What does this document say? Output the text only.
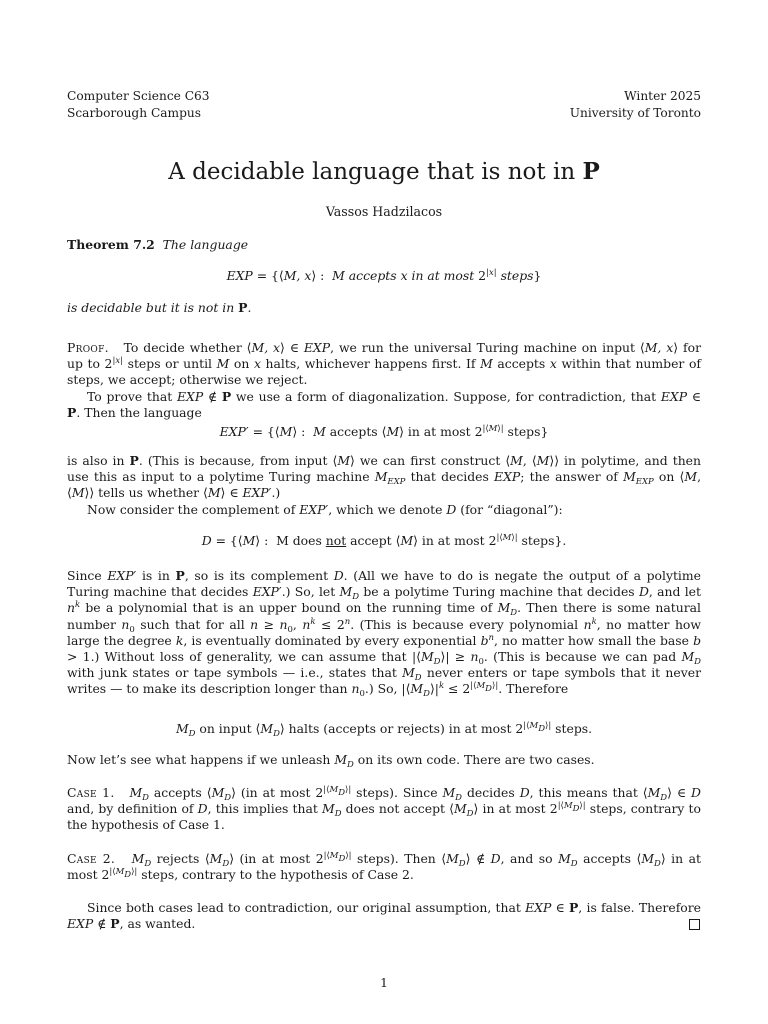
Computer Science C63
Scarborough Campus
Winter 2025
University of Toronto
A decidable language that is not in P
Vassos Hadzilacos
Theorem 7.2 The language
EXP = {⟨M, x⟩ :  M accepts x in at most $2^{|x|}$ steps}
is decidable but it is not in P.
Proof.   To decide whether ⟨M, x⟩ ∈ EXP, we run the universal Turing machine on input ⟨M, x⟩ for up to $2^{|x|}$ steps or until M on x halts, whichever happens first. If M accepts x within that number of steps, we accept; otherwise we reject.
To prove that EXP ∉ P we use a form of diagonalization. Suppose, for contradiction, that EXP ∈ P. Then the language
EXP′ = {⟨M⟩ :  M accepts ⟨M⟩ in at most $2^{|⟨M⟩|}$ steps}
is also in P. (This is because, from input ⟨M⟩ we can first construct ⟨M, ⟨M⟩⟩ in polytime, and then use this as input to a polytime Turing machine $M_{EXP}$ that decides EXP; the answer of $M_{EXP}$ on ⟨M, ⟨M⟩⟩ tells us whether ⟨M⟩ ∈ EXP′.)
Now consider the complement of EXP′, which we denote D (for “diagonal”):
D = {⟨M⟩ :  M does not accept ⟨M⟩ in at most $2^{|⟨M⟩|}$ steps}.
Since EXP′ is in P, so is its complement D. (All we have to do is negate the output of a polytime Turing machine that decides EXP′.) So, let $M_D$ be a polytime Turing machine that decides D, and let $n^k$ be a polynomial that is an upper bound on the running time of $M_D$. Then there is some natural number $n_0$ such that for all $n \ge n_0$, $n^k \le 2^n$. (This is because every polynomial $n^k$, no matter how large the degree k, is eventually dominated by every exponential $b^n$, no matter how small the base b > 1.) Without loss of generality, we can assume that $|⟨M_D⟩| \ge n_0$. (This is because we can pad $M_D$ with junk states or tape symbols — i.e., states that $M_D$ never enters or tape symbols that it never writes — to make its description longer than $n_0$.) So, $|⟨M_D⟩|^k \le 2^{|⟨M_D⟩|}$. Therefore
$M_D$ on input $⟨M_D⟩$ halts (accepts or rejects) in at most $2^{|⟨M_D⟩|}$ steps.
Now let’s see what happens if we unleash $M_D$ on its own code. There are two cases.
Case 1. $M_D$ accepts $⟨M_D⟩$ (in at most $2^{|⟨M_D⟩|}$ steps). Since $M_D$ decides D, this means that $⟨M_D⟩$ ∈ D and, by definition of D, this implies that $M_D$ does not accept $⟨M_D⟩$ in at most $2^{|⟨M_D⟩|}$ steps, contrary to the hypothesis of Case 1.
Case 2. $M_D$ rejects $⟨M_D⟩$ (in at most $2^{|⟨M_D⟩|}$ steps). Then $⟨M_D⟩$ ∉ D, and so $M_D$ accepts $⟨M_D⟩$ in at most $2^{|⟨M_D⟩|}$ steps, contrary to the hypothesis of Case 2.
Since both cases lead to contradiction, our original assumption, that EXP ∈ P, is false. Therefore EXP ∉ P, as wanted.
1
